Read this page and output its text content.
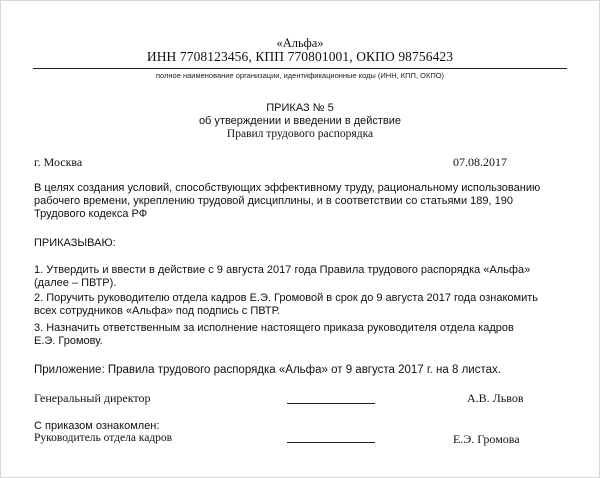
«Альфа»
ИНН 7708123456, КПП 770801001, ОКПО 98756423
полное наименование организации, идентификационные коды (ИНН, КПП, ОКПО)
ПРИКАЗ № 5
об утверждении и введении в действие
Правил трудового распорядка
г. Москва	07.08.2017
В целях создания условий, способствующих эффективному труду, рациональному использованию
рабочего времени, укреплению трудовой дисциплины, и в соответствии со статьями 189, 190
Трудового кодекса РФ
ПРИКАЗЫВАЮ:
1. Утвердить и ввести в действие с 9 августа 2017 года Правила трудового распорядка «Альфа»
(далее – ПВТР).
2. Поручить руководителю отдела кадров Е.Э. Громовой в срок до 9 августа 2017 года ознакомить
всех сотрудников «Альфа» под подпись с ПВТР.
3. Назначить ответственным за исполнение настоящего приказа руководителя отдела кадров
Е.Э. Громову.
Приложение: Правила трудового распорядка «Альфа» от 9 августа 2017 г. на 8 листах.
Генеральный директор	А.В. Львов
С приказом ознакомлен:
Руководитель отдела кадров	Е.Э. Громова
